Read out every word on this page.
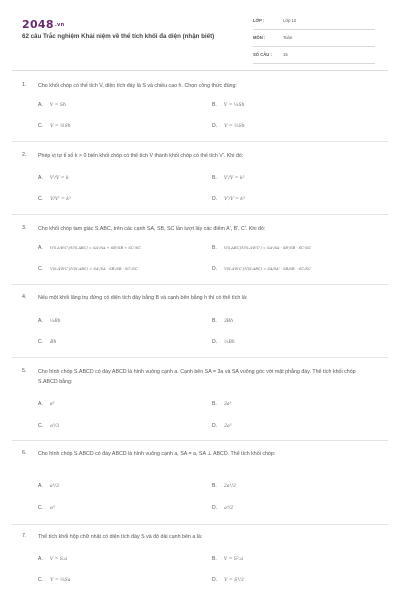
2048.vn
62 câu Trắc nghiệm Khái niệm về thể tích khối đa diện (nhận biết)
LỚP :	Lớp 12
MÔN :	Toán
SỐ CÂU :	15
1. Cho khối chóp có thể tích V, diện tích đáy là S và chiều cao h. Chọn công thức đúng:
A. V = Sh	B. V = ⅓Sh
C. V = ½Sh	D. V = ⅔Sh
2. Phép vị tự tỉ số k > 0 biến khối chóp có thể tích V thành khối chóp có thể tích V'. Khi đó:
A. V'/V = k	B. V'/V = k²
C. V/V' = k³	D. V'/V = k³
3. Cho khối chóp tam giác S.ABC, trên các cạnh SA, SB, SC lần lượt lấy các điểm A', B', C'. Khi đó:
A. V(S.A'B'C')/V(S.ABC) = SA'/SA + SB'/SB + SC'/SC	B. V(S.ABC)/V(S.A'B'C') = SA'/SA · SB'/SB · SC'/SC
C. V(S.A'B'C')/V(S.ABC) = SA'/SA · SB'/SB · SC'/SC	D. V(S.A'B'C')/V(S.ABC) = SA/SA' · SB/SB' · SC/SC'
4. Nếu một khối lăng trụ đứng có diện tích đáy bằng B và cạnh bên bằng h thì có thể tích là:
A. ⅓Bh	B. 3Bh
C. Bh	D. ⅔Bh
5. Cho hình chóp S.ABCD có đáy ABCD là hình vuông cạnh a. Cạnh bên SA = 3a và SA vuông góc với mặt phẳng đáy. Thể tích khối chóp S.ABCD bằng:
A. a³	B. 3a³
C. a³/3	D. 2a³
6. Cho hình chóp S.ABCD có đáy ABCD là hình vuông cạnh a, SA = a, SA ⊥ ABCD. Thể tích khối chóp:
A. a³/3	B. 2a³/3
C. a³	D. a³/2
7. Thể tích khối hộp chữ nhật có diện tích đáy S và độ dài cạnh bên a là:
A. V = S.a	B. V = S².a
C. V = ⅓Sa	D. V = S³/3
